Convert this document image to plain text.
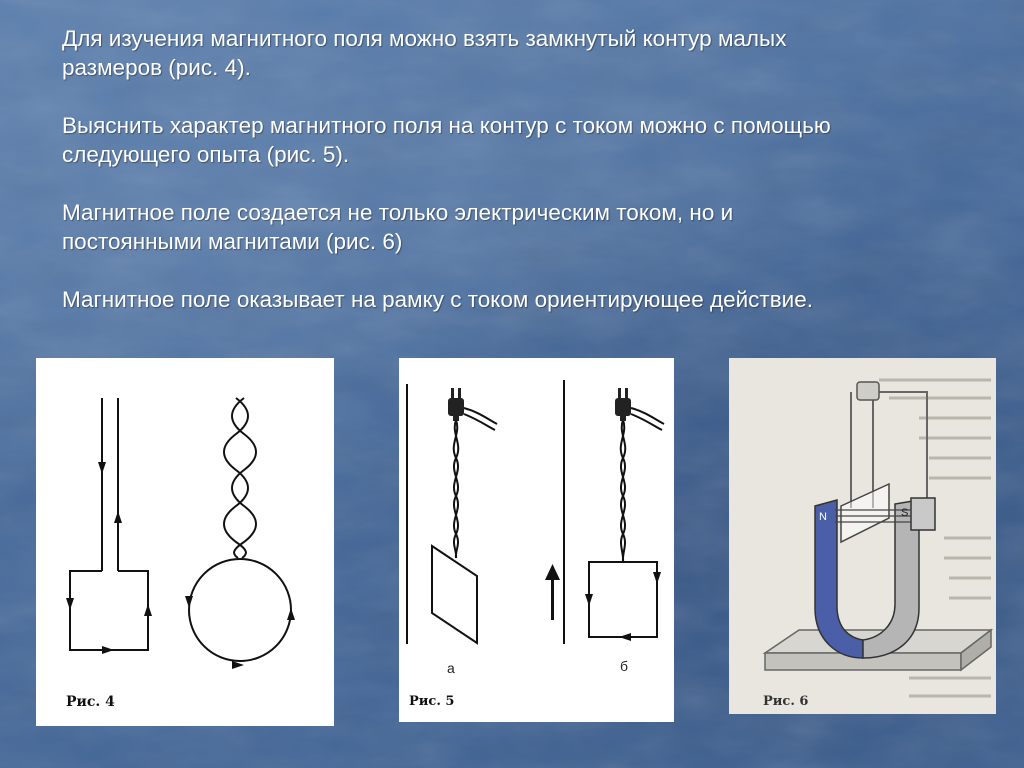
Для изучения магнитного поля можно взять замкнутый контур малых
размеров (рис. 4).

Выяснить характер магнитного поля на контур с током можно с помощью
следующего опыта (рис. 5).

Магнитное поле создается не только электрическим током, но и
постоянными магнитами (рис. 6)

Магнитное поле оказывает на рамку с током ориентирующее действие.

Рис. 4
а	б
Рис. 5
N	S
Рис. 6
